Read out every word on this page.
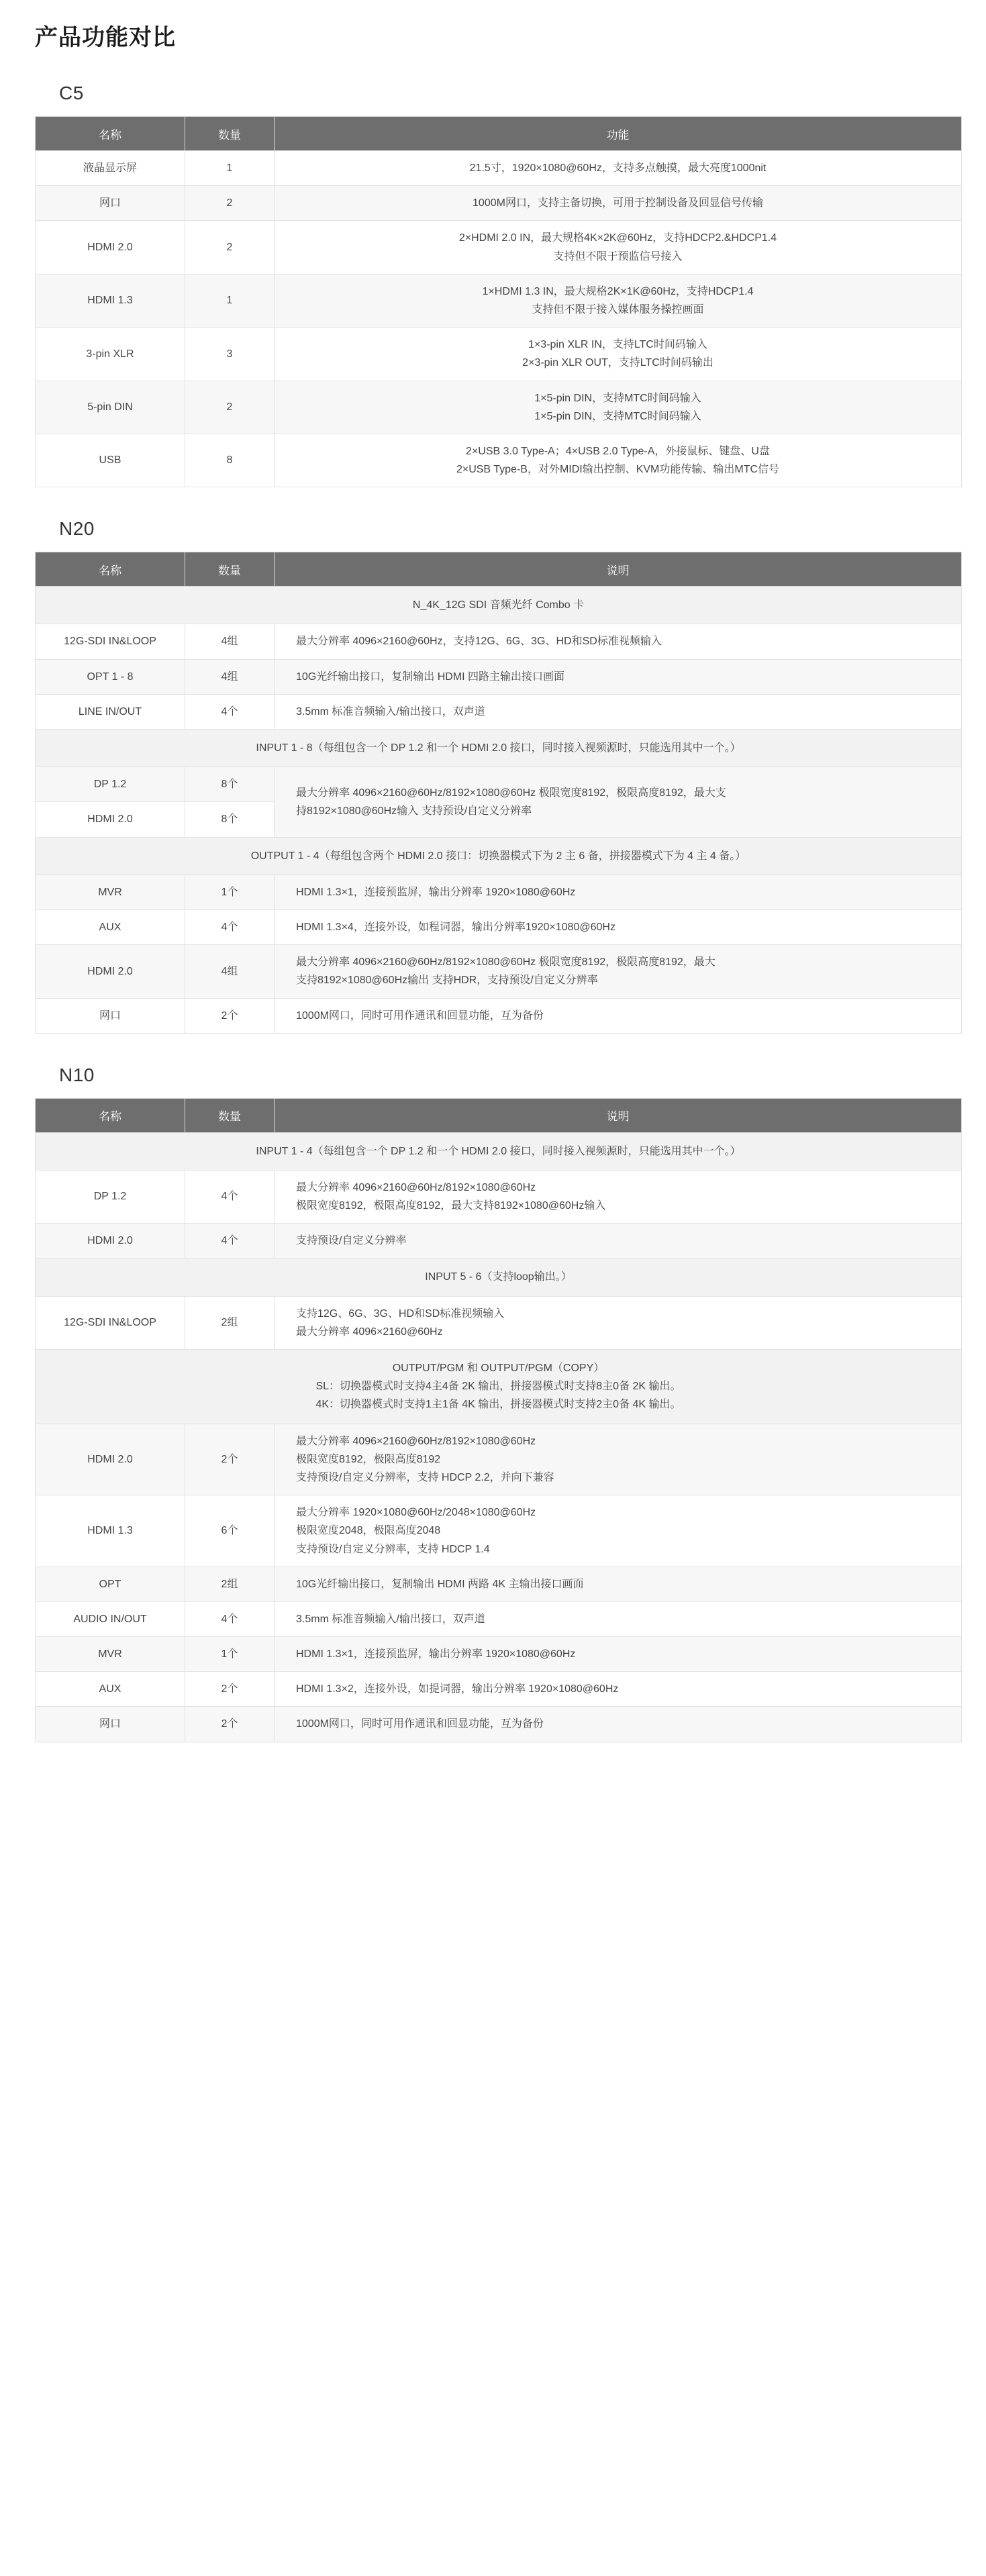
产品功能对比
C5
名称	数量	功能
液晶显示屏	1	21.5寸，1920×1080@60Hz，支持多点触摸，最大亮度1000nit

网口	2	1000M网口，支持主备切换，可用于控制设备及回显信号传输

HDMI 2.0	2	2×HDMI 2.0 IN，最大规格4K×2K@60Hz，支持HDCP2.&HDCP1.4
支持但不限于预监信号接入

HDMI 1.3	1	1×HDMI 1.3 IN，最大规格2K×1K@60Hz，支持HDCP1.4
支持但不限于接入媒体服务操控画面

3-pin XLR	3	1×3-pin XLR IN，支持LTC时间码输入
2×3-pin XLR OUT，支持LTC时间码输出

5-pin DIN	2	1×5-pin DIN，支持MTC时间码输入
1×5-pin DIN，支持MTC时间码输入

USB	8	2×USB 3.0 Type-A；4×USB 2.0 Type-A，外接鼠标、键盘、U盘
2×USB Type-B，对外MIDI输出控制、KVM功能传输、输出MTC信号
N20
名称	数量	说明
N_4K_12G SDI 音频光纤 Combo 卡		
12G-SDI IN&LOOP	4组	最大分辨率 4096×2160@60Hz，支持12G、6G、3G、HD和SD标准视频输入

OPT 1 - 8	4组	10G光纤输出接口，复制输出 HDMI 四路主输出接口画面

LINE IN/OUT	4个	3.5mm 标准音频输入/输出接口，双声道

INPUT 1 - 8（每组包含一个 DP 1.2 和一个 HDMI 2.0 接口，同时接入视频源时，只能选用其中一个。）		
DP 1.2	8个	最大分辨率 4096×2160@60Hz/8192×1080@60Hz 极限宽度8192，极限高度8192，最大支
持8192×1080@60Hz输入 支持预设/自定义分辨率

HDMI 2.0	8个	
OUTPUT 1 - 4（每组包含两个 HDMI 2.0 接口：切换器模式下为 2 主 6 备，拼接器模式下为 4 主 4 备。）		
MVR	1个	HDMI 1.3×1，连接预监屏，输出分辨率 1920×1080@60Hz

AUX	4个	HDMI 1.3×4，连接外设，如程词器，输出分辨率1920×1080@60Hz

HDMI 2.0	4组	最大分辨率 4096×2160@60Hz/8192×1080@60Hz 极限宽度8192，极限高度8192，最大
支持8192×1080@60Hz输出 支持HDR，支持预设/自定义分辨率

网口	2个	1000M网口，同时可用作通讯和回显功能，互为备份
N10
名称	数量	说明
INPUT 1 - 4（每组包含一个 DP 1.2 和一个 HDMI 2.0 接口，同时接入视频源时，只能选用其中一个。）		
DP 1.2	4个	最大分辨率 4096×2160@60Hz/8192×1080@60Hz
极限宽度8192，极限高度8192，最大支持8192×1080@60Hz输入

HDMI 2.0	4个	支持预设/自定义分辨率

INPUT 5 - 6（支持loop输出。）		
12G-SDI IN&LOOP	2组	支持12G、6G、3G、HD和SD标准视频输入
最大分辨率 4096×2160@60Hz

OUTPUT/PGM 和 OUTPUT/PGM（COPY）
SL：切换器模式时支持4主4备 2K 输出，拼接器模式时支持8主0备 2K 输出。
4K：切换器模式时支持1主1备 4K 输出，拼接器模式时支持2主0备 4K 输出。		

HDMI 2.0	2个	最大分辨率 4096×2160@60Hz/8192×1080@60Hz
极限宽度8192，极限高度8192
支持预设/自定义分辨率，支持 HDCP 2.2，并向下兼容

HDMI 1.3	6个	最大分辨率 1920×1080@60Hz/2048×1080@60Hz
极限宽度2048，极限高度2048
支持预设/自定义分辨率，支持 HDCP 1.4

OPT	2组	10G光纤输出接口，复制输出 HDMI 两路 4K 主输出接口画面

AUDIO IN/OUT	4个	3.5mm 标准音频输入/输出接口，双声道

MVR	1个	HDMI 1.3×1，连接预监屏，输出分辨率 1920×1080@60Hz

AUX	2个	HDMI 1.3×2，连接外设，如提词器，输出分辨率 1920×1080@60Hz

网口	2个	1000M网口，同时可用作通讯和回显功能，互为备份
